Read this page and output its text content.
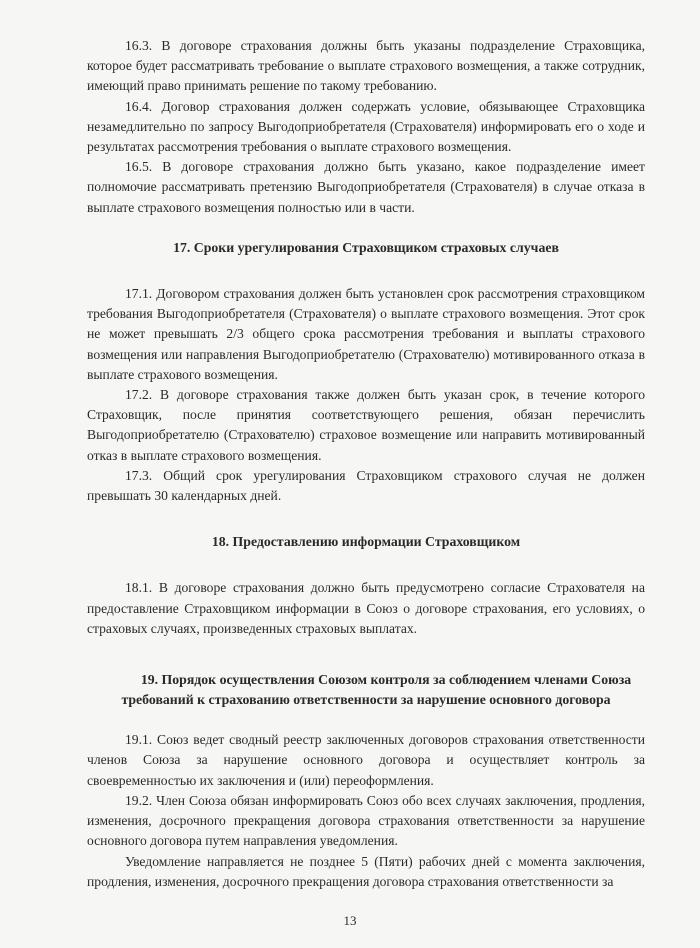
16.3. В договоре страхования должны быть указаны подразделение Страховщика, которое будет рассматривать требование о выплате страхового возмещения, а также сотрудник, имеющий право принимать решение по такому требованию.

16.4. Договор страхования должен содержать условие, обязывающее Страховщика незамедлительно по запросу Выгодоприобретателя (Страхователя) информировать его о ходе и результатах рассмотрения требования о выплате страхового возмещения.

16.5. В договоре страхования должно быть указано, какое подразделение имеет полномочие рассматривать претензию Выгодоприобретателя (Страхователя) в случае отказа в выплате страхового возмещения полностью или в части.

17. Сроки урегулирования Страховщиком страховых случаев

17.1. Договором страхования должен быть установлен срок рассмотрения страховщиком требования Выгодоприобретателя (Страхователя) о выплате страхового возмещения. Этот срок не может превышать 2/3 общего срока рассмотрения требования и выплаты страхового возмещения или направления Выгодоприобретателю (Страхователю) мотивированного отказа в выплате страхового возмещения.

17.2. В договоре страхования также должен быть указан срок, в течение которого Страховщик, после принятия соответствующего решения, обязан перечислить Выгодоприобретателю (Страхователю) страховое возмещение или направить мотивированный отказ в выплате страхового возмещения.

17.3. Общий срок урегулирования Страховщиком страхового случая не должен превышать 30 календарных дней.

18. Предоставлению информации Страховщиком

18.1. В договоре страхования должно быть предусмотрено согласие Страхователя на предоставление Страховщиком информации в Союз о договоре страхования, его условиях, о страховых случаях, произведенных страховых выплатах.

19. Порядок осуществления Союзом контроля за соблюдением членами Союза
требований к страхованию ответственности за нарушение основного договора

19.1. Союз ведет сводный реестр заключенных договоров страхования ответственности членов Союза за нарушение основного договора и осуществляет контроль за своевременностью их заключения и (или) переоформления.

19.2. Член Союза обязан информировать Союз обо всех случаях заключения, продления, изменения, досрочного прекращения договора страхования ответственности за нарушение основного договора путем направления уведомления.

Уведомление направляется не позднее 5 (Пяти) рабочих дней с момента заключения, продления, изменения, досрочного прекращения договора страхования ответственности за

13
